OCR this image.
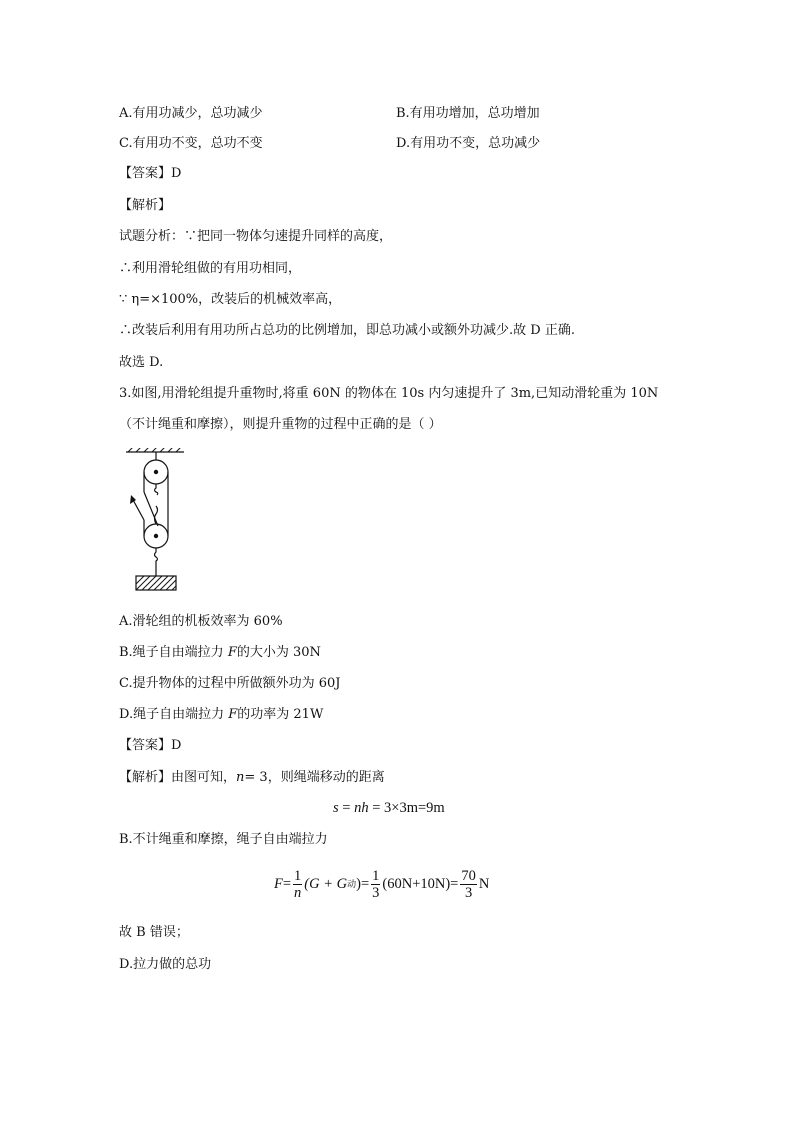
A.有用功减少，总功减少	B.有用功增加，总功增加
C.有用功不变，总功不变	D.有用功不变，总功减少
【答案】D
【解析】
试题分析：∵把同一物体匀速提升同样的高度，
∴利用滑轮组做的有用功相同，
∵ η=×100%，改装后的机械效率高，
∴改装后利用有用功所占总功的比例增加，即总功减小或额外功减少.故 D 正确.
故选 D.
3.如图,用滑轮组提升重物时,将重 60N 的物体在 10s 内匀速提升了 3m,已知动滑轮重为 10N
（不计绳重和摩擦），则提升重物的过程中正确的是（ ）
A.滑轮组的机板效率为 60%
B.绳子自由端拉力 F的大小为 30N
C.提升物体的过程中所做额外功为 60J
D.绳子自由端拉力 F的功率为 21W
【答案】D
【解析】由图可知，n= 3，则绳端移动的距离
s = nh = 3×3m=9m
B.不计绳重和摩擦，绳子自由端拉力
$F = \frac{1}{n} (G + G$ 动 ) = $\frac{1}{3} (60N+10N)= \frac{70}{3}$ N
故 B 错误；
D.拉力做的总功
